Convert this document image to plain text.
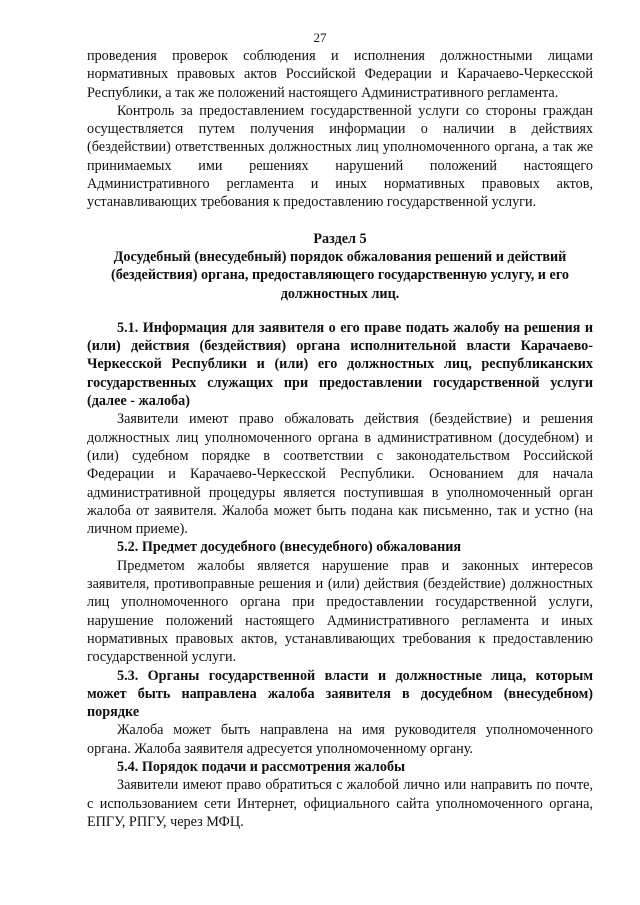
27

проведения проверок соблюдения и исполнения должностными лицами нормативных правовых актов Российской Федерации и Карачаево-Черкесской Республики, а так же положений настоящего Административного регламента.

Контроль за предоставлением государственной услуги со стороны граждан осуществляется путем получения информации о наличии в действиях (бездействии) ответственных должностных лиц уполномоченного органа, а так же принимаемых ими решениях нарушений положений настоящего Административного регламента и иных нормативных правовых актов, устанавливающих требования к предоставлению государственной услуги.

Раздел 5

Досудебный (внесудебный) порядок обжалования решений и действий (бездействия) органа, предоставляющего государственную услугу, и его должностных лиц.

5.1. Информация для заявителя о его праве подать жалобу на решения и (или) действия (бездействия) органа исполнительной власти Карачаево-Черкесской Республики и (или) его должностных лиц, республиканских государственных служащих при предоставлении государственной услуги (далее - жалоба)

Заявители имеют право обжаловать действия (бездействие) и решения должностных лиц уполномоченного органа в административном (досудебном) и (или) судебном порядке в соответствии с законодательством Российской Федерации и Карачаево-Черкесской Республики. Основанием для начала административной процедуры является поступившая в уполномоченный орган жалоба от заявителя. Жалоба может быть подана как письменно, так и устно (на личном приеме).

5.2. Предмет досудебного (внесудебного) обжалования

Предметом жалобы является нарушение прав и законных интересов заявителя, противоправные решения и (или) действия (бездействие) должностных лиц уполномоченного органа при предоставлении государственной услуги, нарушение положений настоящего Административного регламента и иных нормативных правовых актов, устанавливающих требования к предоставлению государственной услуги.

5.3. Органы государственной власти и должностные лица, которым может быть направлена жалоба заявителя в досудебном (внесудебном) порядке

Жалоба может быть направлена на имя руководителя уполномоченного органа. Жалоба заявителя адресуется уполномоченному органу.

5.4. Порядок подачи и рассмотрения жалобы

Заявители имеют право обратиться с жалобой лично или направить по почте, с использованием сети Интернет, официального сайта уполномоченного органа, ЕПГУ, РПГУ, через МФЦ.
